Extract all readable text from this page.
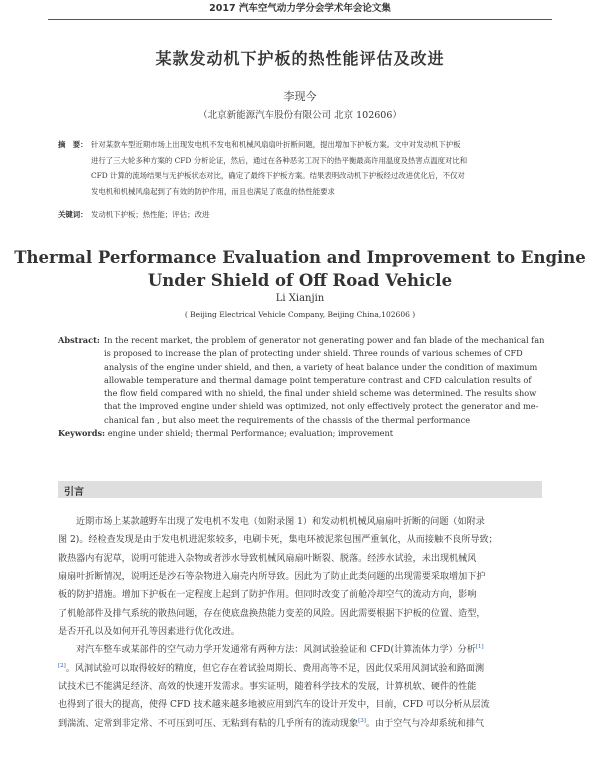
2017 汽车空气动力学分会学术年会论文集
某款发动机下护板的热性能评估及改进
李现今
（北京新能源汽车股份有限公司 北京 102606）
摘　要： 针对某款车型近期市场上出现发电机不发电和机械风扇扇叶折断问题，提出增加下护板方案。文中对发动机下护板
进行了三大轮多种方案的 CFD 分析论证，然后，通过在各种恶劣工况下的热平衡最高许用温度及热害点温度对比和
CFD 计算的流场结果与无护板状态对比，确定了最终下护板方案。结果表明改动机下护板经过改进优化后，不仅对
发电机和机械风扇起到了有效的防护作用，而且也满足了底盘的热性能要求
关键词： 发动机下护板；热性能；评估；改进
Thermal Performance Evaluation and Improvement to Engine
Under Shield of Off Road Vehicle
Li Xianjin
( Beijing Electrical Vehicle Company, Beijing China,102606 )
Abstract: In the recent market, the problem of generator not generating power and fan blade of the mechanical fan
is proposed to increase the plan of protecting under shield. Three rounds of various schemes of CFD
analysis of the engine under shield, and then, a variety of heat balance under the condition of maximum
allowable temperature and thermal damage point temperature contrast and CFD calculation results of
the flow field compared with no shield, the final under shield scheme was determined. The results show
that the improved engine under shield was optimized, not only effectively protect the generator and me-
chanical fan , but also meet the requirements of the chassis of the thermal performance
Keywords: engine under shield; thermal Performance; evaluation; improvement
引言
近期市场上某款越野车出现了发电机不发电（如附录图 1）和发动机机械风扇扇叶折断的问题（如附录
图 2)。经检查发现是由于发电机进泥浆较多，电刷卡死，集电环被泥浆包围严重氧化，从而接触不良所导致；
散热器内有泥草，说明可能进入杂物或者涉水导致机械风扇扇叶断裂、脱落。经涉水试验，未出现机械风
扇扇叶折断情况，说明还是沙石等杂物进入扇壳内所导致。因此为了防止此类问题的出现需要采取增加下护
板的防护措施。增加下护板在一定程度上起到了防护作用。但同时改变了前舱冷却空气的流动方向，影响
了机舱部件及排气系统的散热问题，存在使底盘换热能力变差的风险。因此需要根据下护板的位置、造型，
是否开孔以及如何开孔等因素进行优化改进。
对汽车整车或某部件的空气动力学开发通常有两种方法：风洞试验验证和 CFD(计算流体力学）分析[1]
[2]。风洞试验可以取得较好的精度，但它存在着试验周期长、费用高等不足，因此仅采用风洞试验和路面测
试技术已不能满足经济、高效的快速开发需求。事实证明，随着科学技术的发展，计算机软、硬件的性能
也得到了很大的提高，使得 CFD 技术越来越多地被应用到汽车的设计开发中，目前，CFD 可以分析从层流
到湍流、定常到非定常、不可压到可压、无粘到有粘的几乎所有的流动现象[3]。由于空气与冷却系统和排气
